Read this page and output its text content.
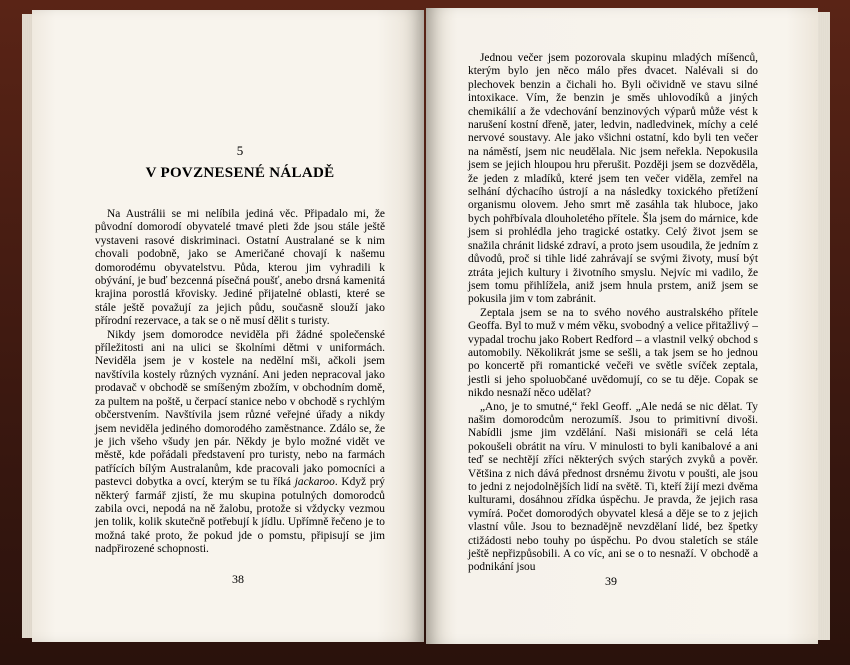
5
V POVZNESENÉ NÁLADĚ

Na Austrálii se mi nelíbila jediná věc. Připadalo mi, že původní domorodí obyvatelé tmavé pleti žde jsou stále ještě vystaveni rasové diskriminaci. Ostatní Australané se k nim chovali podobně, jako se Američané chovají k našemu domorodému obyvatelstvu. Půda, kterou jim vyhradili k obývání, je buď bezcenná písečná poušť, anebo drsná kamenitá krajina porostlá křovisky. Jediné přijatelné oblasti, které se stále ještě považují za jejich půdu, současně slouží jako přírodní rezervace, a tak se o ně musí dělit s turisty.

Nikdy jsem domorodce neviděla při žádné společenské příležitosti ani na ulici se školními dětmi v uniformách. Neviděla jsem je v kostele na nedělní mši, ačkoli jsem navštívila kostely různých vyznání. Ani jeden nepracoval jako prodavač v obchodě se smíšeným zbožím, v obchodním domě, za pultem na poště, u čerpací stanice nebo v obchodě s rychlým občerstvením. Navštívila jsem různé veřejné úřady a nikdy jsem neviděla jediného domorodého zaměstnance. Zdálo se, že je jich všeho všudy jen pár. Někdy je bylo možné vidět ve městě, kde pořádali představení pro turisty, nebo na farmách patřících bílým Australanům, kde pracovali jako pomocníci a pastevci dobytka a ovcí, kterým se tu říká jackaroo. Když prý některý farmář zjistí, že mu skupina potulných domorodců zabila ovci, nepodá na ně žalobu, protože si vždycky vezmou jen tolik, kolik skutečně potřebují k jídlu. Upřímně řečeno je to možná také proto, že pokud jde o pomstu, připisují se jim nadpřirozené schopnosti.

38

Jednou večer jsem pozorovala skupinu mladých míšenců, kterým bylo jen něco málo přes dvacet. Nalévali si do plechovek benzin a čichali ho. Byli očividně ve stavu silné intoxikace. Vím, že benzin je směs uhlovodíků a jiných chemikálií a že vdechování benzinových výparů může vést k narušení kostní dřeně, jater, ledvin, nadledvinek, míchy a celé nervové soustavy. Ale jako všichni ostatní, kdo byli ten večer na náměstí, jsem nic neudělala. Nic jsem neřekla. Nepokusila jsem se jejich hloupou hru přerušit. Později jsem se dozvěděla, že jeden z mladíků, které jsem ten večer viděla, zemřel na selhání dýchacího ústrojí a na následky toxického přetížení organismu olovem. Jeho smrt mě zasáhla tak hluboce, jako bych pohřbívala dlouholetého přítele. Šla jsem do márnice, kde jsem si prohlédla jeho tragické ostatky. Celý život jsem se snažila chránit lidské zdraví, a proto jsem usoudila, že jedním z důvodů, proč si tihle lidé zahrávají se svými životy, musí být ztráta jejich kultury i životního smyslu. Nejvíc mi vadilo, že jsem tomu přihlížela, aniž jsem hnula prstem, aniž jsem se pokusila jim v tom zabránit.

Zeptala jsem se na to svého nového australského přítele Geoffa. Byl to muž v mém věku, svobodný a velice přitažlivý – vypadal trochu jako Robert Redford – a vlastnil velký obchod s automobily. Několikrát jsme se sešli, a tak jsem se ho jednou po koncertě při romantické večeři ve světle svíček zeptala, jestli si jeho spoluobčané uvědomují, co se tu děje. Copak se nikdo nesnaží něco udělat?

„Ano, je to smutné,“ řekl Geoff. „Ale nedá se nic dělat. Ty našim domorodcům nerozumíš. Jsou to primitivní divoši. Nabídli jsme jim vzdělání. Naši misionáři se celá léta pokoušeli obrátit na víru. V minulosti to byli kanibalové a ani teď se nechtějí zříci některých svých starých zvyků a pověr. Většina z nich dává přednost drsnému životu v poušti, ale jsou to jedni z nejodolnějších lidí na světě. Ti, kteří žijí mezi dvěma kulturami, dosáhnou zřídka úspěchu. Je pravda, že jejich rasa vymírá. Počet domorodých obyvatel klesá a děje se to z jejich vlastní vůle. Jsou to beznadějně nevzdělaní lidé, bez špetky ctižádosti nebo touhy po úspěchu. Po dvou staletích se stále ještě nepřizpůsobili. A co víc, ani se o to nesnaží. V obchodě a podnikání jsou

39
